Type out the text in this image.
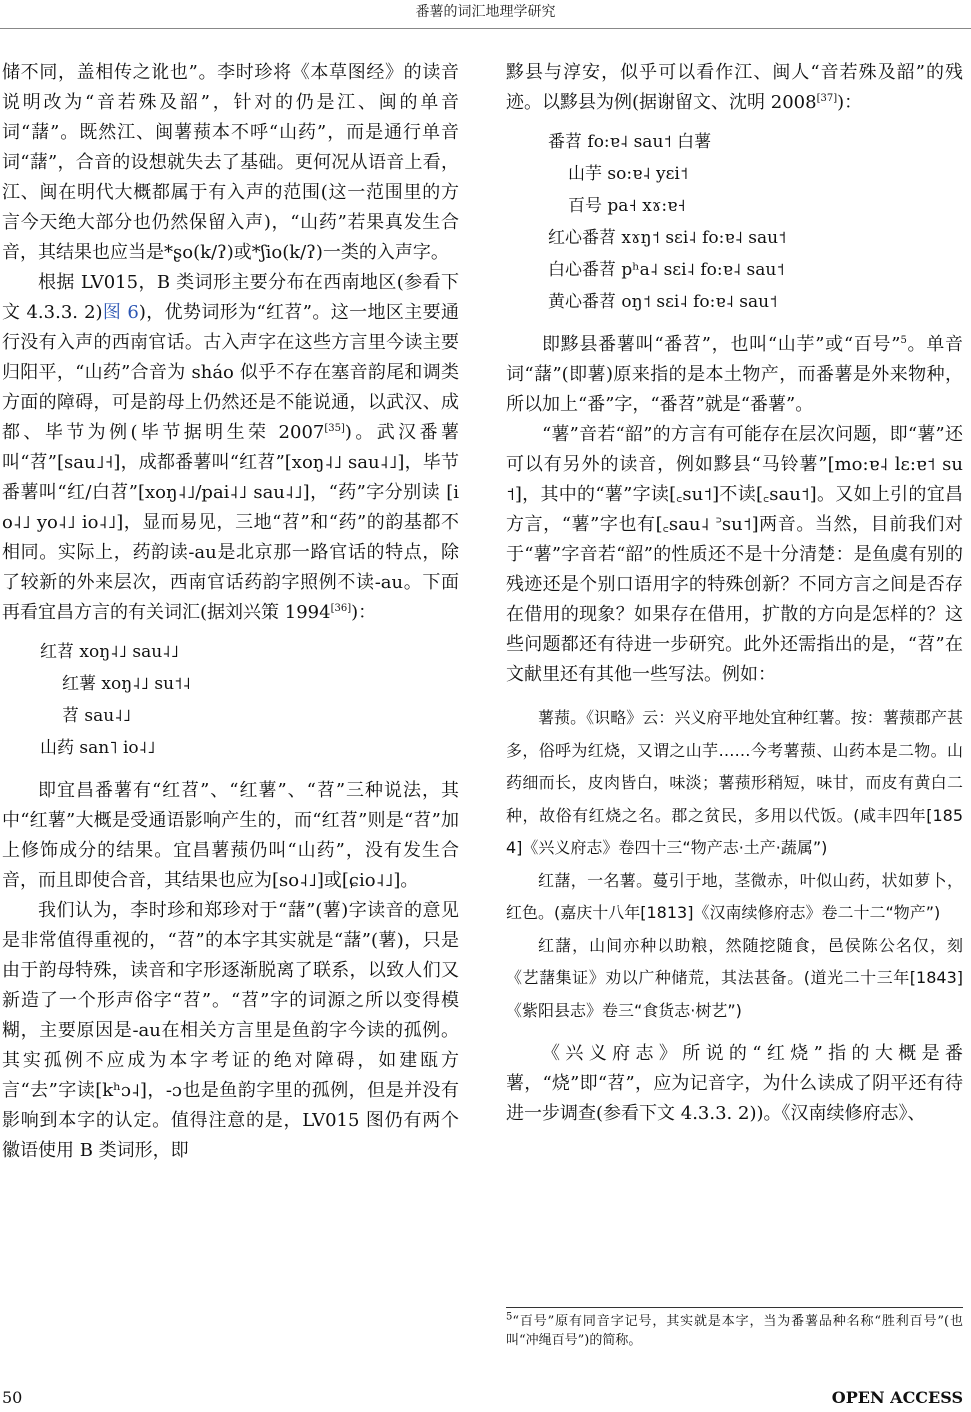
番薯的词汇地理学研究

储不同，盖相传之讹也”。李时珍将《本草图经》的读音说明改为“音若殊及韶”，针对的仍是江、闽的单音词“藷”。既然江、闽薯蓣本不呼“山药”，而是通行单音词“藷”，合音的设想就失去了基础。更何况从语音上看，江、闽在明代大概都属于有入声的范围(这一范围里的方言今天绝大部分也仍然保留入声)，“山药”若果真发生合音，其结果也应当是*ʂo(k/ʔ)或*ʃio(k/ʔ)一类的入声字。

根据 LV015，B 类词形主要分布在西南地区(参看下文 4.3.3. 2)图 6)，优势词形为“红苕”。这一地区主要通行没有入声的西南官话。古入声字在这些方言里今读主要归阳平，“山药”合音为 sháo 似乎不存在塞音韵尾和调类方面的障碍，可是韵母上仍然还是不能说通，以武汉、成都、毕节为例(毕节据明生荣 2007[35])。武汉番薯叫“苕”[sau˩˧]，成都番薯叫“红苕”[xoŋ˨˩ sau˨˩]，毕节番薯叫“红/白苕”[xoŋ˨˩/pai˨˩ sau˨˩]，“药”字分别读 [io˨˩ yo˨˩ io˨˩]，显而易见，三地“苕”和“药”的韵基都不相同。实际上，药韵读-au是北京那一路官话的特点，除了较新的外来层次，西南官话药韵字照例不读-au。下面再看宜昌方言的有关词汇(据刘兴策 1994[36])：

红苕 xoŋ˨˩ sau˨˩
红薯 xoŋ˨˩ su˦˨
苕 sau˨˩
山药 san˥ io˨˩

即宜昌番薯有“红苕”、“红薯”、“苕”三种说法，其中“红薯”大概是受通语影响产生的，而“红苕”则是“苕”加上修饰成分的结果。宜昌薯蓣仍叫“山药”，没有发生合音，而且即使合音，其结果也应为[so˨˩]或[ɕio˨˩]。

我们认为，李时珍和郑珍对于“藷”(薯)字读音的意见是非常值得重视的，“苕”的本字其实就是“藷”(薯)，只是由于韵母特殊，读音和字形逐渐脱离了联系，以致人们又新造了一个形声俗字“苕”。“苕”字的词源之所以变得模糊，主要原因是-au在相关方言里是鱼韵字今读的孤例。其实孤例不应成为本字考证的绝对障碍，如建瓯方言“去”字读[kʰɔ˨]，-ɔ也是鱼韵字里的孤例，但是并没有影响到本字的认定。值得注意的是，LV015 图仍有两个徽语使用 B 类词形，即

黟县与淳安，似乎可以看作江、闽人“音若殊及韶”的残迹。以黟县为例(据谢留文、沈明 2008[37])：

番苕 fo:ɐ˨ sau˦ 白薯
山芋 so:ɐ˨ yɛi˦
百号 pa˧ xɤ:ɐ˧
红心番苕 xɤŋ˦ sɛi˨ fo:ɐ˨ sau˦
白心番苕 pʰa˨ sɛi˨ fo:ɐ˨ sau˦
黄心番苕 oŋ˦ sɛi˨ fo:ɐ˨ sau˦

即黟县番薯叫“番苕”，也叫“山芋”或“百号”$^5$。单音词“藷”(即薯)原来指的是本土物产，而番薯是外来物种，所以加上“番”字，“番苕”就是“番薯”。

“薯”音若“韶”的方言有可能存在层次问题，即“薯”还可以有另外的读音，例如黟县“马铃薯”[mo:ɐ˨ lɛ:ɐ˦ su˦]，其中的“薯”字读[꜀su˦]不读[꜀sau˦]。又如上引的宜昌方言，“薯”字也有[꜀sau˨ ꜄su˦]两音。当然，目前我们对于“薯”字音若“韶”的性质还不是十分清楚：是鱼虞有别的残迹还是个别口语用字的特殊创新？不同方言之间是否存在借用的现象？如果存在借用，扩散的方向是怎样的？这些问题都还有待进一步研究。此外还需指出的是，“苕”在文献里还有其他一些写法。例如：

薯蓣。《识略》云：兴义府平地处宜种红薯。按：薯蓣郡产甚多，俗呼为红烧，又谓之山芋……今考薯蓣、山药本是二物。山药细而长，皮肉皆白，味淡；薯蓣形稍短，味甘，而皮有黄白二种，故俗有红烧之名。郡之贫民，多用以代饭。(咸丰四年[1854]《兴义府志》卷四十三“物产志·土产·蔬属”)

红藷，一名薯。蔓引于地，茎微赤，叶似山药，状如萝卜，红色。(嘉庆十八年[1813]《汉南续修府志》卷二十二“物产”)

红藷，山间亦种以助粮，然随挖随食，邑侯陈公名仅，刻《艺藷集证》劝以广种储荒，其法甚备。(道光二十三年[1843]《紫阳县志》卷三“食货志·树艺”)

《兴义府志》所说的“红烧”指的大概是番薯，“烧”即“苕”，应为记音字，为什么读成了阴平还有待进一步调查(参看下文 4.3.3. 2))。《汉南续修府志》、

$^5$“百号”原有同音字记号，其实就是本字，当为番薯品种名称“胜利百号”(也叫“冲绳百号”)的简称。
50	OPEN ACCESS
